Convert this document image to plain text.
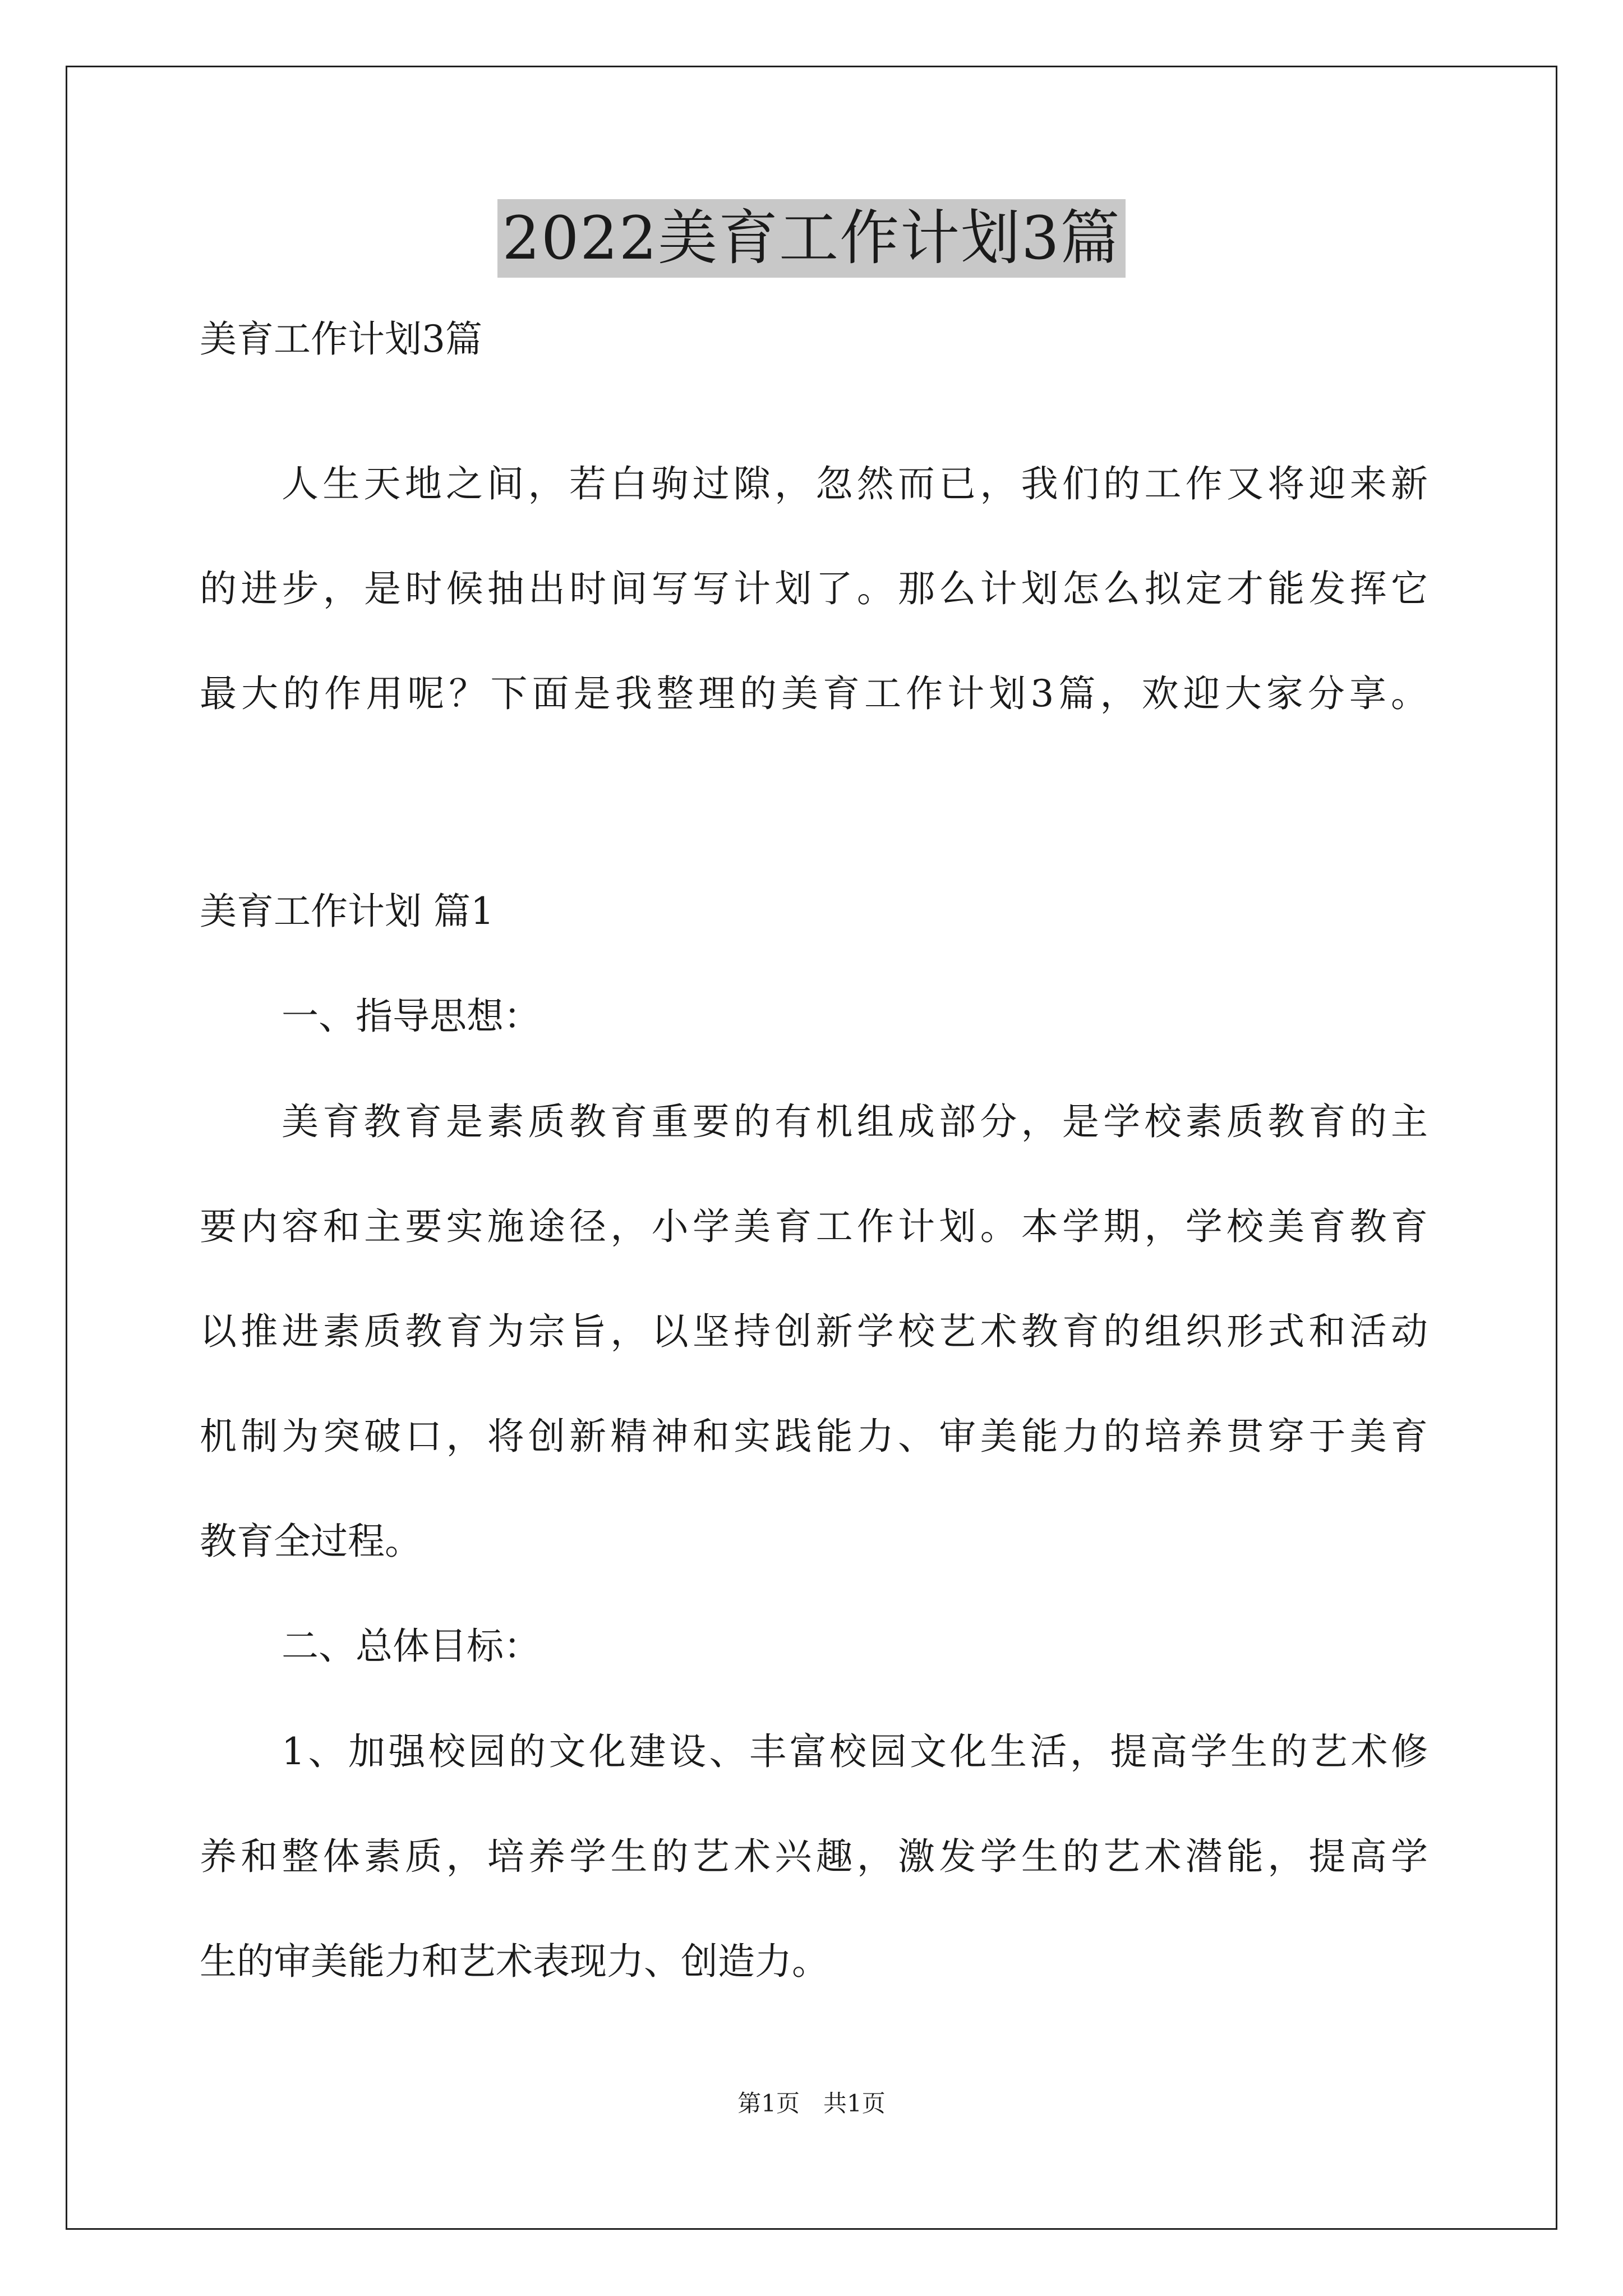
2022美育工作计划3篇
美育工作计划3篇
人生天地之间，若白驹过隙，忽然而已，我们的工作又将迎来新
的进步，是时候抽出时间写写计划了。那么计划怎么拟定才能发挥它
最大的作用呢？下面是我整理的美育工作计划3篇，欢迎大家分享。
美育工作计划 篇1
一、指导思想：
美育教育是素质教育重要的有机组成部分，是学校素质教育的主
要内容和主要实施途径，小学美育工作计划。本学期，学校美育教育
以推进素质教育为宗旨，以坚持创新学校艺术教育的组织形式和活动
机制为突破口，将创新精神和实践能力、审美能力的培养贯穿于美育
教育全过程。
二、总体目标：
1、加强校园的文化建设、丰富校园文化生活，提高学生的艺术修
养和整体素质，培养学生的艺术兴趣，激发学生的艺术潜能，提高学
生的审美能力和艺术表现力、创造力。
第1页　共1页
